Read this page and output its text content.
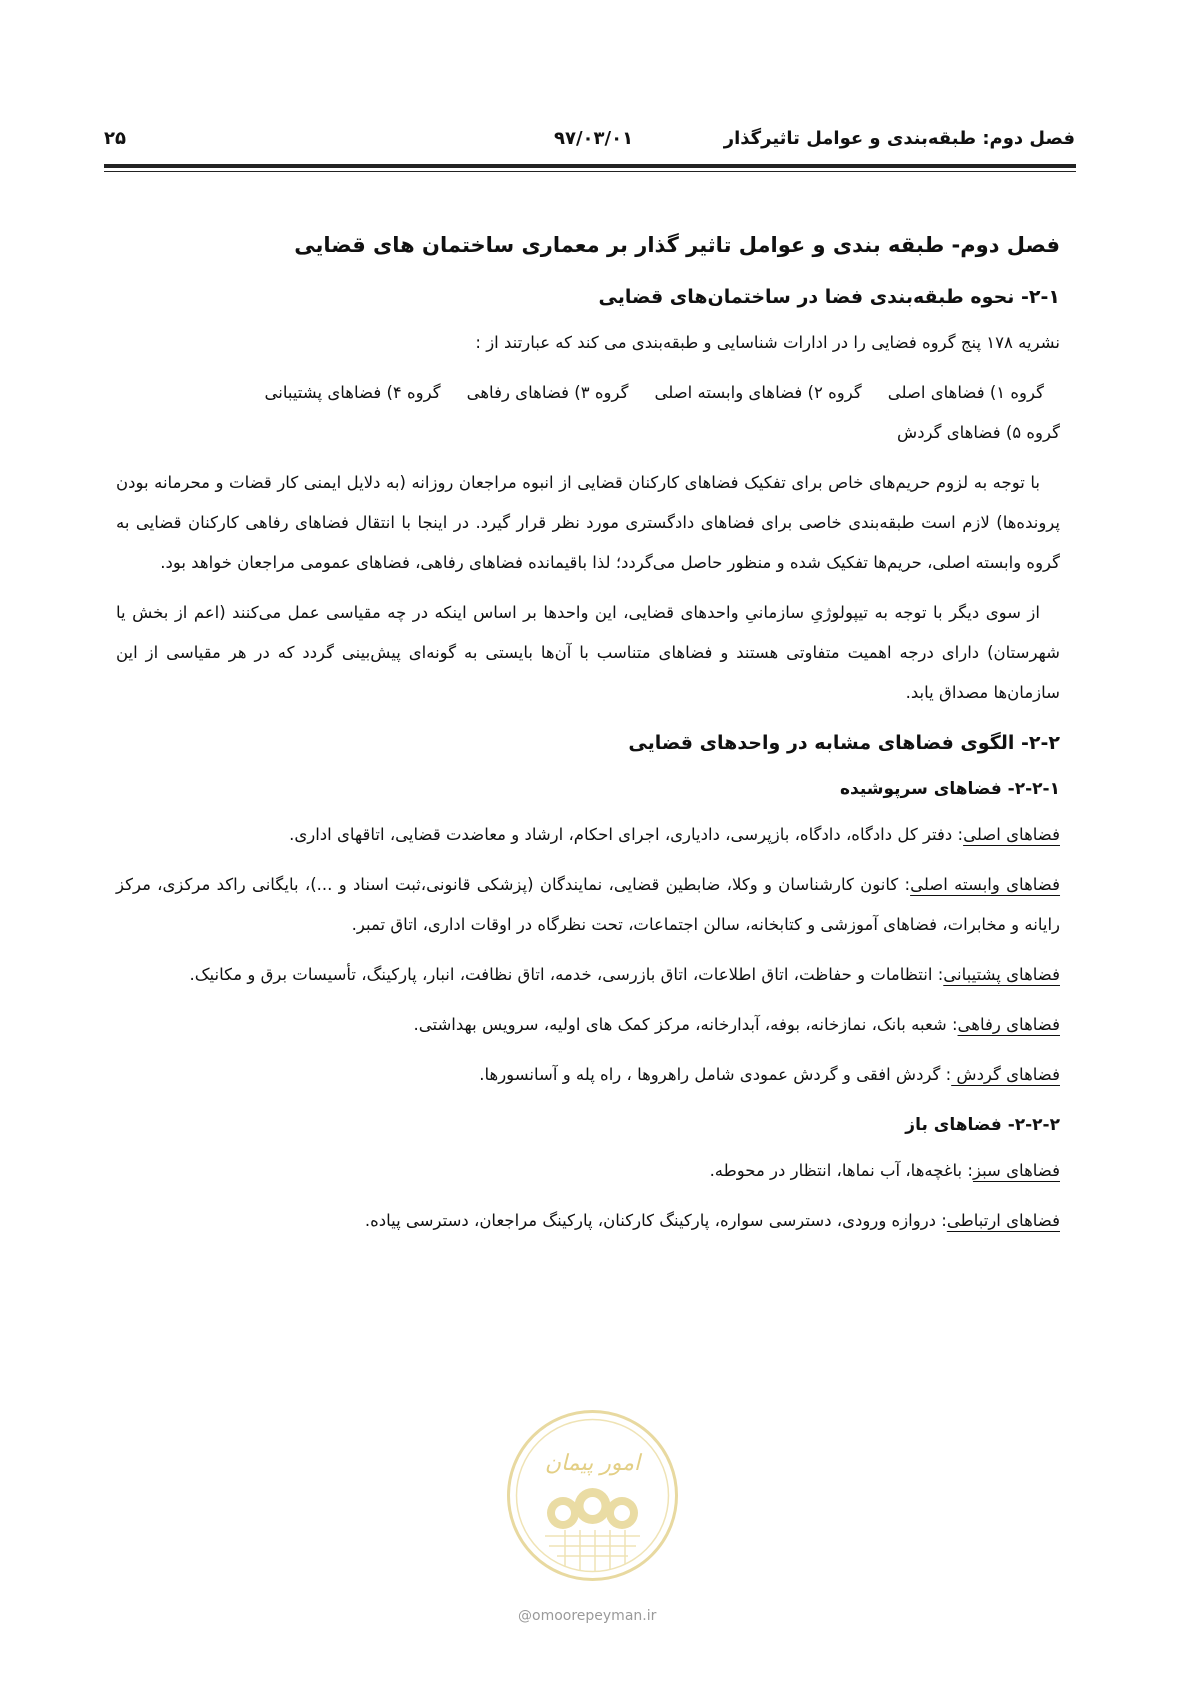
فصل دوم: طبقه‌بندی و عوامل تاثیرگذار
۹۷/۰۳/۰۱
۲۵
فصل دوم- طبقه بندی و عوامل تاثیر گذار بر معماری ساختمان های قضایی
۲-۱- نحوه طبقه‌بندی فضا در ساختمان‌های قضایی

نشریه ۱۷۸ پنج گروه فضایی را در ادارات شناسایی و طبقه‌بندی می کند که عبارتند از :

گروه ۱) فضاهای اصلی
گروه ۲) فضاهای وابسته اصلی
گروه ۳) فضاهای رفاهی
گروه ۴) فضاهای پشتیبانی
گروه ۵) فضاهای گردش

با توجه به لزوم حریم‌های خاص برای تفکیک فضاهای کارکنان قضایی از انبوه مراجعان روزانه (به دلایل ایمنی کار قضات و محرمانه بودن پرونده‌ها) لازم است طبقه‌بندی خاصی برای فضاهای دادگستری مورد نظر قرار گیرد. در اینجا با انتقال فضاهای رفاهی کارکنان قضایی به گروه وابسته اصلی، حریم‌ها تفکیک شده و منظور حاصل می‌گردد؛ لذا باقیمانده فضاهای رفاهی، فضاهای عمومی مراجعان خواهد بود.

از سوی دیگر با توجه به تیپولوژیِ سازمانیِ واحدهای قضایی، این واحدها بر اساس اینکه در چه مقیاسی عمل می‌کنند (اعم از بخش یا شهرستان) دارای درجه اهمیت متفاوتی هستند و فضاهای متناسب با آن‌ها بایستی به گونه‌ای پیش‌بینی گردد که در هر مقیاسی از این سازمان‌ها مصداق یابد.

۲-۲- الگوی فضاهای مشابه در واحدهای قضایی
۲-۲-۱- فضاهای سرپوشیده

فضاهای اصلی: دفتر کل دادگاه، دادگاه، بازپرسی، دادیاری، اجرای احکام، ارشاد و معاضدت قضایی، اتاقهای اداری.

فضاهای وابسته اصلی: کانون کارشناسان و وکلا، ضابطین قضایی، نمایندگان (پزشکی قانونی،ثبت اسناد و ...)، بایگانی راکد مرکزی، مرکز رایانه و مخابرات، فضاهای آموزشی و کتابخانه، سالن اجتماعات، تحت نظرگاه در اوقات اداری، اتاق تمبر.

فضاهای پشتیبانی: انتظامات و حفاظت، اتاق اطلاعات، اتاق بازرسی، خدمه، اتاق نظافت، انبار، پارکینگ، تأسیسات برق و مکانیک.

فضاهای رفاهی: شعبه بانک، نمازخانه، بوفه، آبدارخانه، مرکز کمک های اولیه، سرویس بهداشتی.

فضاهای گردش : گردش افقی و گردش عمودی شامل راهروها ، راه پله و آسانسورها.

۲-۲-۲- فضاهای باز

فضاهای سبز: باغچه‌ها، آب نماها، انتظار در محوطه.

فضاهای ارتباطی: دروازه ورودی، دسترسی سواره، پارکینگ کارکنان، پارکینگ مراجعان، دسترسی پیاده.

امور پیمان
@omoorepeyman.ir
